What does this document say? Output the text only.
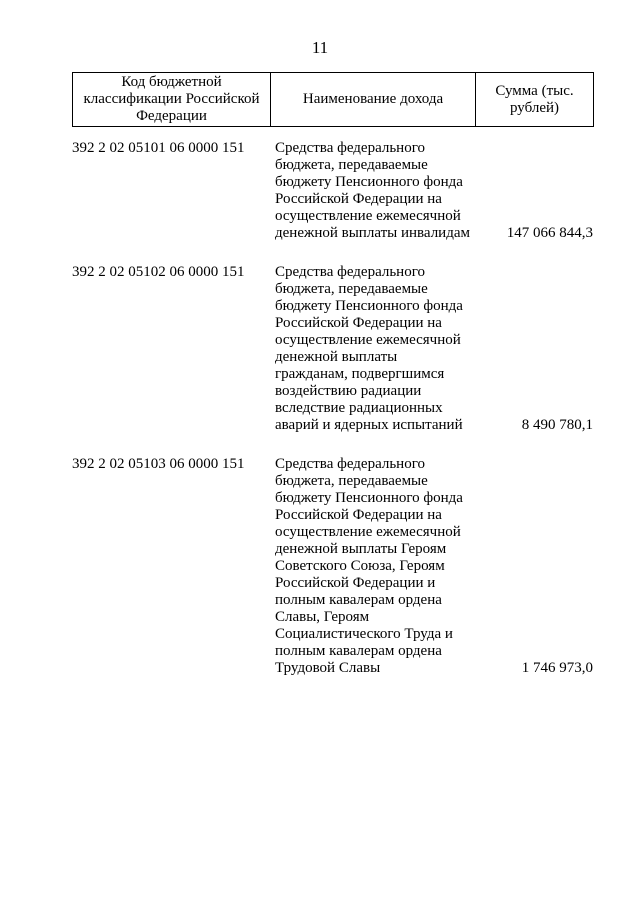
11
Код бюджетной классификации Российской Федерации	Наименование дохода	Сумма (тыс. рублей)
392 2 02 05101 06 0000 151	Средства федерального
бюджета, передаваемые
бюджету Пенсионного фонда
Российской Федерации на
осуществление ежемесячной
денежной выплаты инвалидам	147 066 844,3
392 2 02 05102 06 0000 151	Средства федерального
бюджета, передаваемые
бюджету Пенсионного фонда
Российской Федерации на
осуществление ежемесячной
денежной выплаты
гражданам, подвергшимся
воздействию радиации
вследствие радиационных
аварий и ядерных испытаний	8 490 780,1
392 2 02 05103 06 0000 151	Средства федерального
бюджета, передаваемые
бюджету Пенсионного фонда
Российской Федерации на
осуществление ежемесячной
денежной выплаты Героям
Советского Союза, Героям
Российской Федерации и
полным кавалерам ордена
Славы, Героям
Социалистического Труда и
полным кавалерам ордена
Трудовой Славы	1 746 973,0
